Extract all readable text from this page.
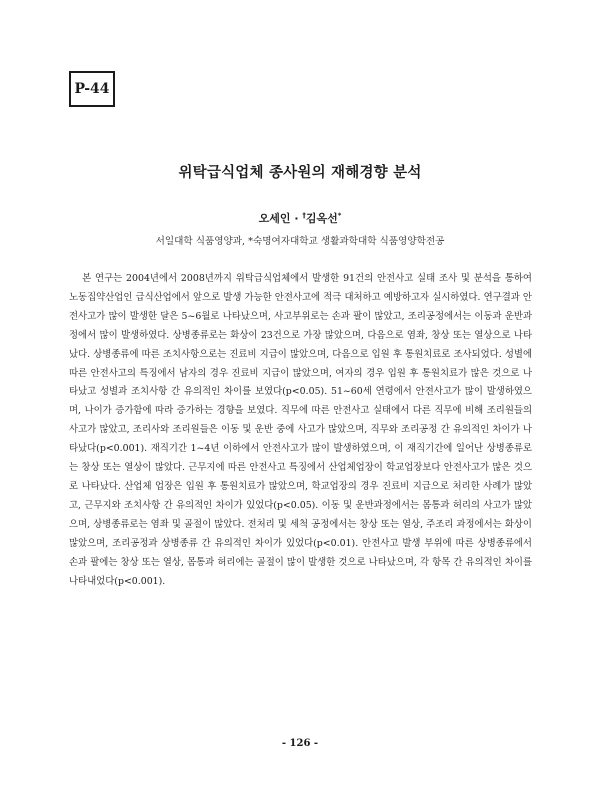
P-44
위탁급식업체 종사원의 재해경향 분석
오세인 · †김옥선*
서일대학 식품영양과, *숙명여자대학교 생활과학대학 식품영양학전공

본 연구는 2004년에서 2008년까지 위탁급식업체에서 발생한 91건의 안전사고 실태 조사 및 분석을 통하여 노동집약산업인 급식산업에서 앞으로 발생 가능한 안전사고에 적극 대처하고 예방하고자 실시하였다. 연구결과 안전사고가 많이 발생한 달은 5~6월로 나타났으며, 사고부위로는 손과 팔이 많았고, 조리공정에서는 이동과 운반과정에서 많이 발생하였다. 상병종류로는 화상이 23건으로 가장 많았으며, 다음으로 염좌, 창상 또는 열상으로 나타났다. 상병종류에 따른 조치사항으로는 진료비 지급이 많았으며, 다음으로 입원 후 통원치료로 조사되었다. 성별에 따른 안전사고의 특징에서 남자의 경우 진료비 지급이 많았으며, 여자의 경우 입원 후 통원치료가 많은 것으로 나타났고 성별과 조치사항 간 유의적인 차이를 보였다(p<0.05). 51~60세 연령에서 안전사고가 많이 발생하였으며, 나이가 증가함에 따라 증가하는 경향을 보였다. 직무에 따른 안전사고 실태에서 다른 직무에 비해 조리원들의 사고가 많았고, 조리사와 조리원들은 이동 및 운반 중에 사고가 많았으며, 직무와 조리공정 간 유의적인 차이가 나타났다(p<0.001). 재직기간 1~4년 이하에서 안전사고가 많이 발생하였으며, 이 재직기간에 일어난 상병종류로는 창상 또는 열상이 많았다. 근무지에 따른 안전사고 특징에서 산업체업장이 학교업장보다 안전사고가 많은 것으로 나타났다. 산업체 업장은 입원 후 통원치료가 많았으며, 학교업장의 경우 진료비 지급으로 처리한 사례가 많았고, 근무지와 조치사항 간 유의적인 차이가 있었다(p<0.05). 이동 및 운반과정에서는 몸통과 허리의 사고가 많았으며, 상병종류로는 염좌 및 골절이 많았다. 전처리 및 세척 공정에서는 창상 또는 열상, 주조리 과정에서는 화상이 많았으며, 조리공정과 상병종류 간 유의적인 차이가 있었다(p<0.01). 안전사고 발생 부위에 따른 상병종류에서 손과 팔에는 창상 또는 열상, 몸통과 허리에는 골절이 많이 발생한 것으로 나타났으며, 각 항목 간 유의적인 차이를 나타내었다(p<0.001).

- 126 -
